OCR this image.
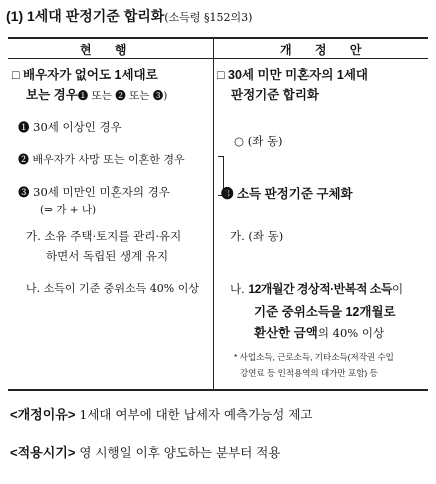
(1) 1세대 판정기준 합리화(소득령 §152의3)
현 행	개 정 안
□ 배우자가 없어도 1세대로
보는 경우❶ 또는 ❷ 또는 ❸)
❶ 30세 이상인 경우
❷ 배우자가 사망 또는 이혼한 경우
❸ 30세 미만인 미혼자의 경우
(⇒ 가 + 나)
가. 소유 주택·토지를 관리·유지
하면서 독립된 생계 유지
나. 소득이 기준 중위소득 40% 이상
□ 30세 미만 미혼자의 1세대
판정기준 합리화
○ (좌 동)
❸ 소득 판정기준 구체화
가. (좌 동)
나. 12개월간 경상적·반복적 소득이
기준 중위소득을 12개월로
환산한 금액의 40% 이상
* 사업소득, 근로소득, 기타소득(저작권 수입
강연료 등 인적용역의 대가만 포함) 등
<개정이유> 1세대 여부에 대한 납세자 예측가능성 제고
<적용시기> 영 시행일 이후 양도하는 분부터 적용
